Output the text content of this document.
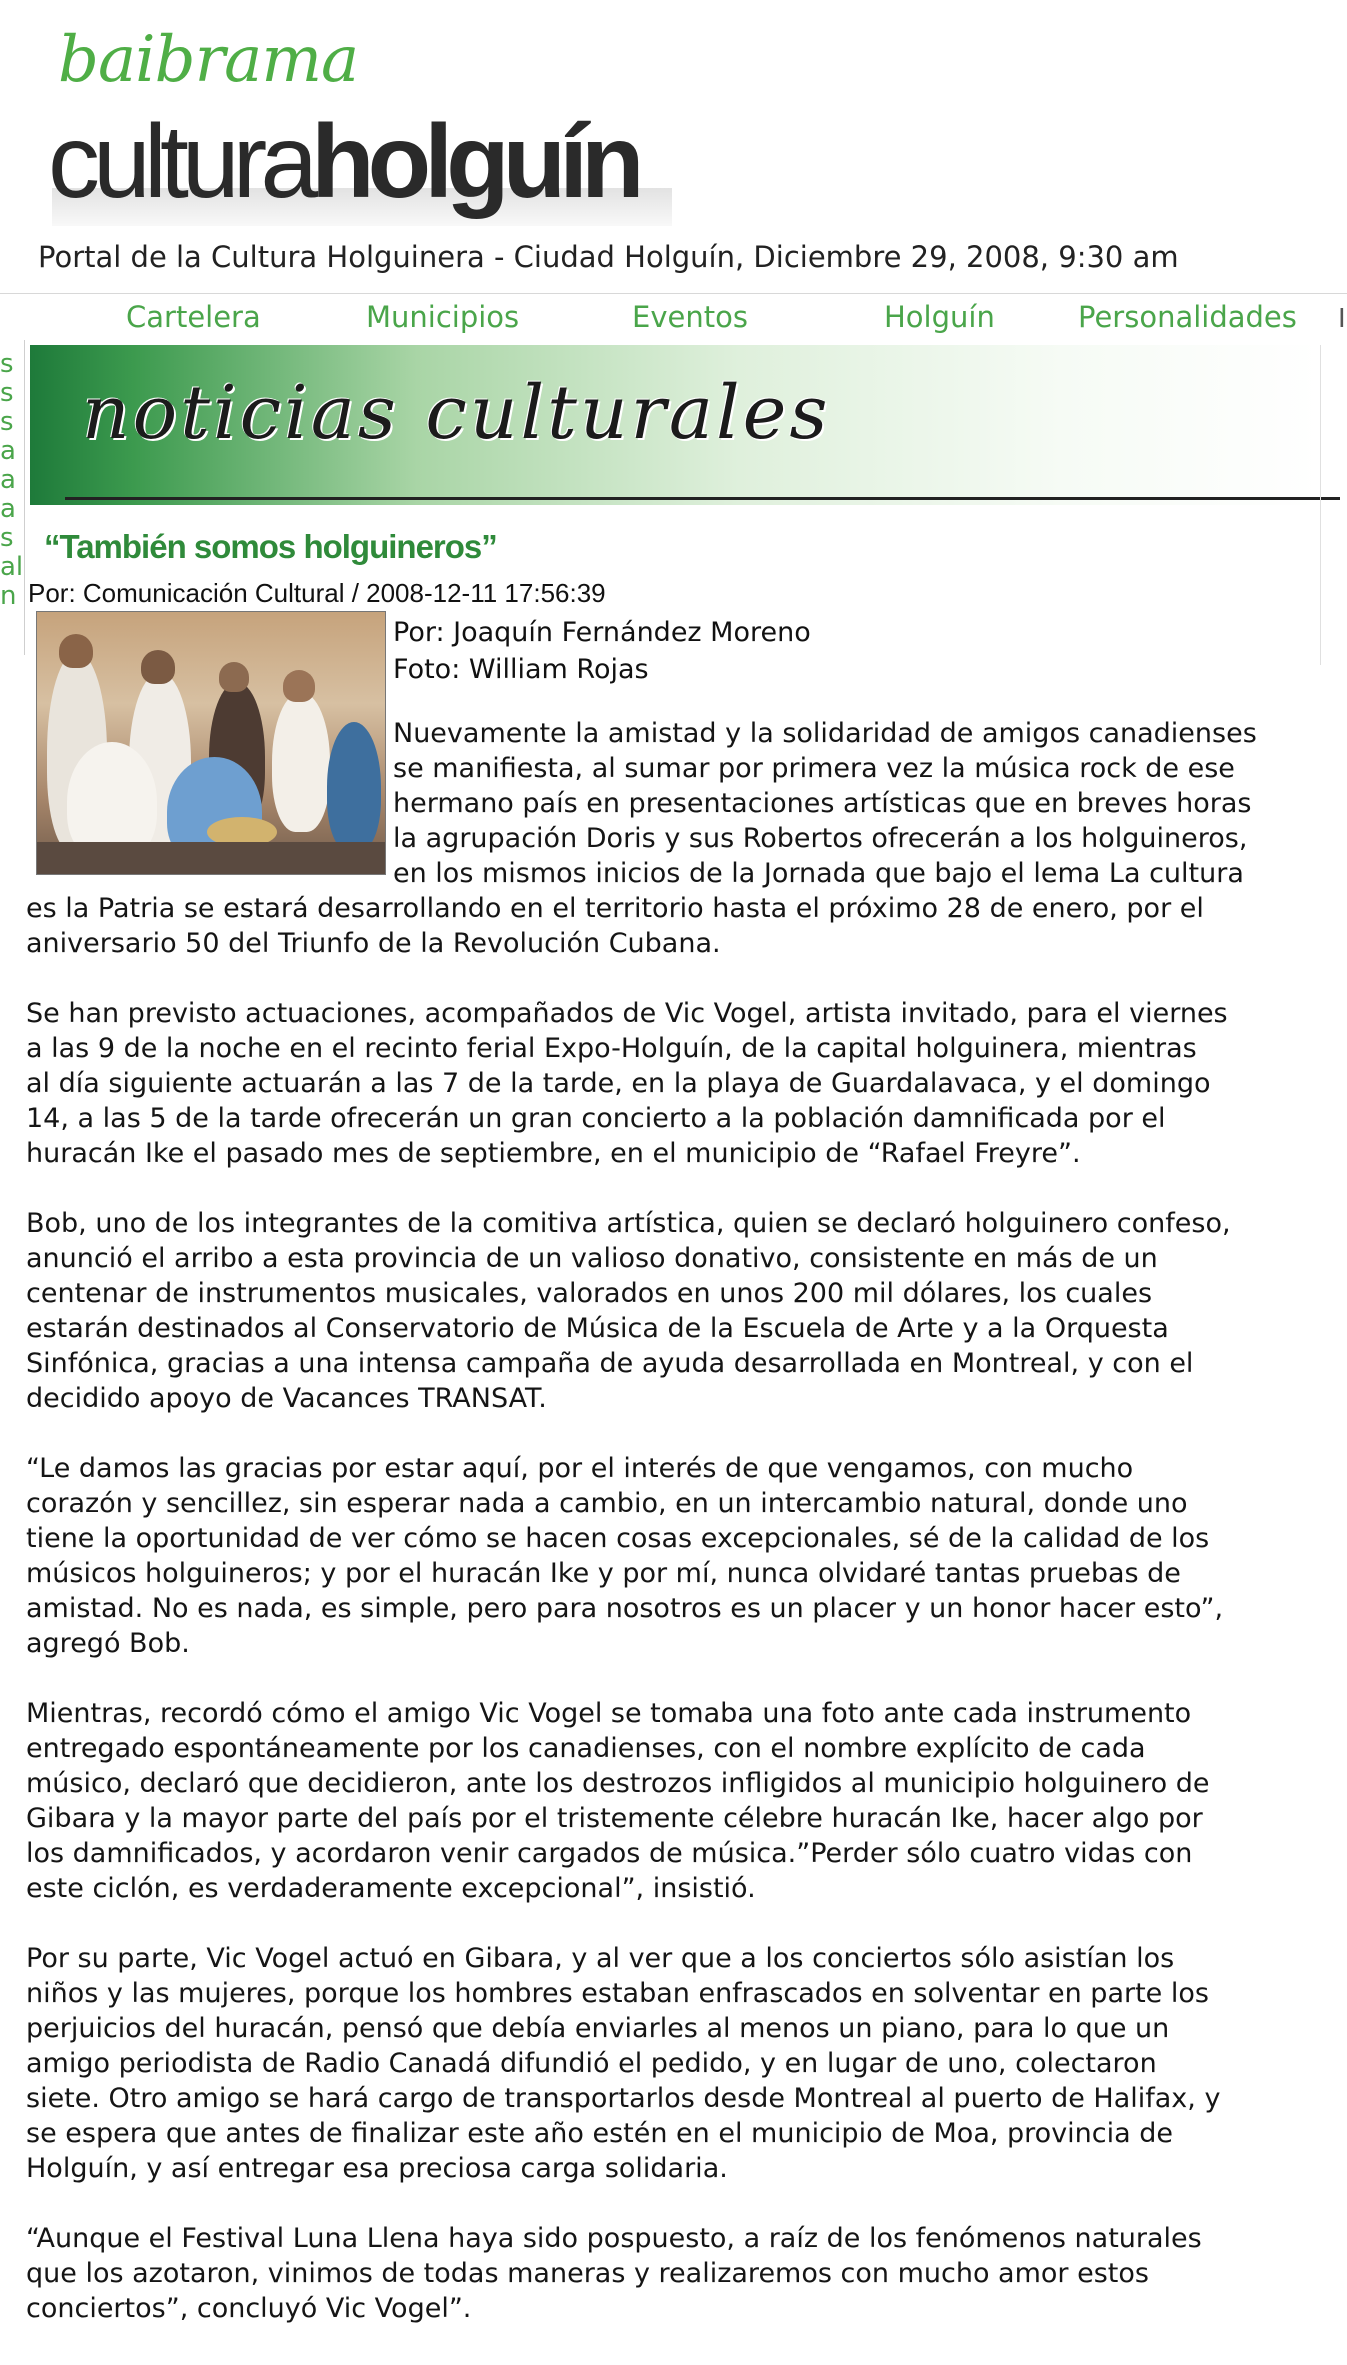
baibrama
culturaholguín
Portal de la Cultura Holguinera - Ciudad Holguín, Diciembre 29, 2008, 9:30 am
Cartelera	Municipios	Eventos	Holguín	Personalidades I
s
s
s
a
a
a
s
al
n
noticias culturales
“También somos holguineros”
Por: Comunicación Cultural / 2008-12-11 17:56:39
Por: Joaquín Fernández Moreno
Foto: William Rojas
Nuevamente la amistad y la solidaridad de amigos canadienses
se manifiesta, al sumar por primera vez la música rock de ese
hermano país en presentaciones artísticas que en breves horas
la agrupación Doris y sus Robertos ofrecerán a los holguineros,
en los mismos inicios de la Jornada que bajo el lema La cultura
es la Patria se estará desarrollando en el territorio hasta el próximo 28 de enero, por el
aniversario 50 del Triunfo de la Revolución Cubana.

Se han previsto actuaciones, acompañados de Vic Vogel, artista invitado, para el viernes
a las 9 de la noche en el recinto ferial Expo-Holguín, de la capital holguinera, mientras
al día siguiente actuarán a las 7 de la tarde, en la playa de Guardalavaca, y el domingo
14, a las 5 de la tarde ofrecerán un gran concierto a la población damnificada por el
huracán Ike el pasado mes de septiembre, en el municipio de “Rafael Freyre”.

Bob, uno de los integrantes de la comitiva artística, quien se declaró holguinero confeso,
anunció el arribo a esta provincia de un valioso donativo, consistente en más de un
centenar de instrumentos musicales, valorados en unos 200 mil dólares, los cuales
estarán destinados al Conservatorio de Música de la Escuela de Arte y a la Orquesta
Sinfónica, gracias a una intensa campaña de ayuda desarrollada en Montreal, y con el
decidido apoyo de Vacances TRANSAT.

“Le damos las gracias por estar aquí, por el interés de que vengamos, con mucho
corazón y sencillez, sin esperar nada a cambio, en un intercambio natural, donde uno
tiene la oportunidad de ver cómo se hacen cosas excepcionales, sé de la calidad de los
músicos holguineros; y por el huracán Ike y por mí, nunca olvidaré tantas pruebas de
amistad. No es nada, es simple, pero para nosotros es un placer y un honor hacer esto”,
agregó Bob.

Mientras, recordó cómo el amigo Vic Vogel se tomaba una foto ante cada instrumento
entregado espontáneamente por los canadienses, con el nombre explícito de cada
músico, declaró que decidieron, ante los destrozos infligidos al municipio holguinero de
Gibara y la mayor parte del país por el tristemente célebre huracán Ike, hacer algo por
los damnificados, y acordaron venir cargados de música.”Perder sólo cuatro vidas con
este ciclón, es verdaderamente excepcional”, insistió.

Por su parte, Vic Vogel actuó en Gibara, y al ver que a los conciertos sólo asistían los
niños y las mujeres, porque los hombres estaban enfrascados en solventar en parte los
perjuicios del huracán, pensó que debía enviarles al menos un piano, para lo que un
amigo periodista de Radio Canadá difundió el pedido, y en lugar de uno, colectaron
siete. Otro amigo se hará cargo de transportarlos desde Montreal al puerto de Halifax, y
se espera que antes de finalizar este año estén en el municipio de Moa, provincia de
Holguín, y así entregar esa preciosa carga solidaria.

“Aunque el Festival Luna Llena haya sido pospuesto, a raíz de los fenómenos naturales
que los azotaron, vinimos de todas maneras y realizaremos con mucho amor estos
conciertos”, concluyó Vic Vogel”.
